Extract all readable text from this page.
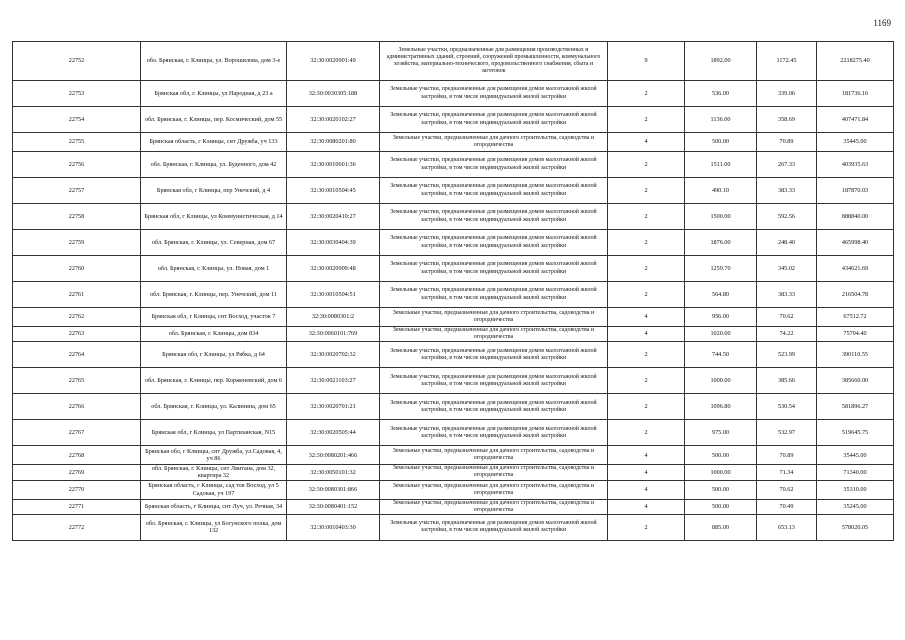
1169
22752	обл. Брянская, г. Клинцы, ул. Ворошилова, дом 3-е	32:30:0020901:49	Земельные участки, предназначенные для размещения производственных и административных зданий, строений, сооружений промышленности, коммунального хозяйства, материально-технического, продовольственного снабжения, сбыта и заготовок	9	1892.00	1172.45	2218275.40
22753	Брянская обл, г. Клинцы, ул Народная, д 23 а	32:30:0030305:188	Земельные участки, предназначенные для размещения домов малоэтажной жилой застройки, в том числе индивидуальной жилой застройки	2	536.00	339.06	181736.16
22754	обл. Брянская, г. Клинцы, пер. Космический, дом 55	32:30:0020102:27	Земельные участки, предназначенные для размещения домов малоэтажной жилой застройки, в том числе индивидуальной жилой застройки	2	1136.00	358.69	407471.84
22755	Брянская область, г Клинцы, снт Дружба, уч 133	32:30:0080201:80	Земельные участки, предназначенные для дачного строительства, садоводства и огородничества	4	500.00	70.89	35445.00
22756	обл. Брянская, г. Клинцы, ул. Буденного, дом 42	32:30:0010601:36	Земельные участки, предназначенные для размещения домов малоэтажной жилой застройки, в том числе индивидуальной жилой застройки	2	1511.00	267.33	403935.63
22757	Брянская обл, г Клинцы, пер Унечский, д 4	32:30:0010504:45	Земельные участки, предназначенные для размещения домов малоэтажной жилой застройки, в том числе индивидуальной жилой застройки	2	490.10	383.33	187870.03
22758	Брянская обл, г Клинцы, ул Коммунистическая, д 14	32:30:0020410:27	Земельные участки, предназначенные для размещения домов малоэтажной жилой застройки, в том числе индивидуальной жилой застройки	2	1500.00	592.56	888840.00
22759	обл. Брянская, г. Клинцы, ул. Северная, дом 67	32:30:0030404:39	Земельные участки, предназначенные для размещения домов малоэтажной жилой застройки, в том числе индивидуальной жилой застройки	2	1876.00	248.40	465998.40
22760	обл. Брянская, г. Клинцы, ул. Новая, дом 1	32:30:0020909:48	Земельные участки, предназначенные для размещения домов малоэтажной жилой застройки, в том числе индивидуальной жилой застройки	2	1259.70	345.02	434621.69
22761	обл. Брянская, г. Клинцы, пер. Унечский, дом 11	32:30:0010504:51	Земельные участки, предназначенные для размещения домов малоэтажной жилой застройки, в том числе индивидуальной жилой застройки	2	564.80	383.33	216504.78
22762	Брянская обл, г Клинцы, снт Восход, участок 7	32:30:0080301:2	Земельные участки, предназначенные для дачного строительства, садоводства и огородничества	4	956.00	70.62	67512.72
22763	обл. Брянская, г. Клинцы, дом 834	32:30:0060101:769	Земельные участки, предназначенные для дачного строительства, садоводства и огородничества	4	1020.00	74.22	75704.40
22764	Брянская обл, г Клинцы, ул Рябка, д 64	32:30:0020702:32	Земельные участки, предназначенные для размещения домов малоэтажной жилой застройки, в том числе индивидуальной жилой застройки	2	744.50	523.99	390110.55
22765	обл. Брянская, г. Клинцы, пер. Корженевский, дом 6	32:30:0021103:27	Земельные участки, предназначенные для размещения домов малоэтажной жилой застройки, в том числе индивидуальной жилой застройки	2	1000.00	385.66	385660.00
22766	обл. Брянская, г. Клинцы, ул. Калинина, дом 65	32:30:0020701:21	Земельные участки, предназначенные для размещения домов малоэтажной жилой застройки, в том числе индивидуальной жилой застройки	2	1096.80	530.54	581896.27
22767	Брянская обл, г Клинцы, ул Партизанская, N15	32:30:0020505:44	Земельные участки, предназначенные для размещения домов малоэтажной жилой застройки, в том числе индивидуальной жилой застройки	2	975.00	532.97	519645.75
22768	Брянская обл, г Клинцы, снт Дружба, ул.Садовая, 4, уч 86	32:30:0080201:466	Земельные участки, предназначенные для дачного строительства, садоводства и огородничества	4	500.00	70.89	35445.00
22769	обл. Брянская, г. Клинцы, снт Ляитана, дом 32, квартира 32	32:30:0050101:32	Земельные участки, предназначенные для дачного строительства, садоводства и огородничества	4	1000.00	71.34	71340.00
22770	Брянская область, г Клинцы, сад тов Восход, ул 5 Садовая, уч 197	32:30:0080301:866	Земельные участки, предназначенные для дачного строительства, садоводства и огородничества	4	500.00	70.62	35310.00
22771	Брянская область, г Клинцы, снт Луч, ул. Речная, 34	32:30:0080401:152	Земельные участки, предназначенные для дачного строительства, садоводства и огородничества	4	500.00	70.49	35245.00
22772	обл. Брянская, г. Клинцы, ул Богунского полка, дом 132	32:30:0010403:30	Земельные участки, предназначенные для размещения домов малоэтажной жилой застройки, в том числе индивидуальной жилой застройки	2	885.00	653.13	578020.05
